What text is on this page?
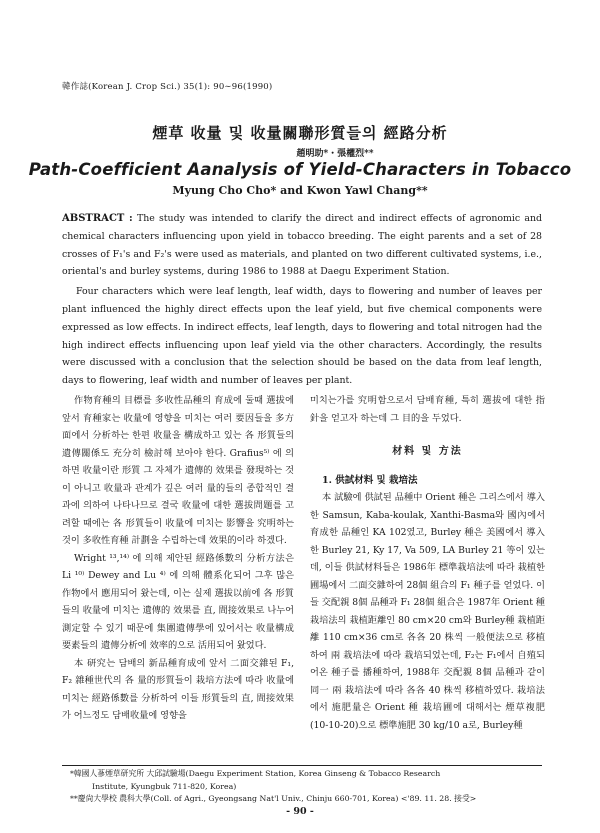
韓作誌(Korean J. Crop Sci.) 35(1): 90∼96(1990)
煙草 收量 및 收量關聯形質들의 經路分析
趙明助*・張權烈**
Path-Coefficient Aanalysis of Yield-Characters in Tobacco
Myung Cho Cho* and Kwon Yawl Chang**

ABSTRACT : The study was intended to clarify the direct and indirect effects of agronomic and chemical characters influencing upon yield in tobacco breeding. The eight parents and a set of 28 crosses of F₁'s and F₂'s were used as materials, and planted on two different cultivated systems, i.e., oriental's and burley systems, during 1986 to 1988 at Daegu Experiment Station.

Four characters which were leaf length, leaf width, days to flowering and number of leaves per plant influenced the highly direct effects upon the leaf yield, but five chemical components were expressed as low effects. In indirect effects, leaf length, days to flowering and total nitrogen had the high indirect effects influencing upon leaf yield via the other characters. Accordingly, the results were discussed with a conclusion that the selection should be based on the data from leaf length, days to flowering, leaf width and number of leaves per plant.

作物育種의 目標를 多收性品種의 育成에 둘때 選拔에 앞서 育種家는 收量에 영향을 미치는 여러 要因들을 多方面에서 分析하는 한편 收量을 構成하고 있는 各 形質들의 遺傳關係도 充分히 檢討해 보아야 한다. Grafius⁵⁾ 에 의하면 收量이란 形質 그 자체가 遺傳的 效果를 發現하는 것이 아니고 收量과 관계가 깊은 여러 量的들의 종합적인 결과에 의하여 나타나므로 결국 收量에 대한 選拔問題를 고려할 때에는 各 形質들이 收量에 미치는 影響을 究明하는 것이 多收性育種 計劃을 수립하는데 效果的이라 하겠다.

Wright ¹³,¹⁴⁾ 에 의해 제안된 經路係數의 分析方法은 Li ¹⁰⁾ Dewey and Lu ⁴⁾ 에 의해 體系化되어 그후 많은 作物에서 應用되어 왔는데, 이는 실제 選拔以前에 各 形質들의 收量에 미치는 遺傳的 效果를 直, 間接效果로 나누어 測定할 수 있기 때문에 集團遺傳學에 있어서는 收量構成要素들의 遺傳分析에 效率的으로 活用되어 왔었다.

本 研究는 담배의 新品種育成에 앞서 二面交雜된 F₁, F₂ 雜種世代의 各 量的形質들이 栽培方法에 따라 收量에 미치는 經路係數를 分析하여 이들 形質들의 直, 間接效果가 어느정도 담배收量에 영향을

미치는가를 究明함으로서 담배育種, 특히 選拔에 대한 指針을 얻고자 하는데 그 目的을 두었다.

材料 및 方法
1. 供試材料 및 栽培法

本 試驗에 供試된 品種中 Orient 種은 그리스에서 導入한 Samsun, Kaba-koulak, Xanthi-Basma와 國內에서 育成한 品種인 KA 102였고, Burley 種은 美國에서 導入한 Burley 21, Ky 17, Va 509, LA Burley 21 等이 있는데, 이들 供試材料들은 1986年 標準栽培法에 따라 栽植한 圃場에서 二面交雜하여 28個 組合의 F₁ 種子를 얻었다. 이들 交配親 8個 品種과 F₁ 28個 組合은 1987年 Orient 種 栽培法의 栽植距離인 80 cm×20 cm와 Burley種 栽植距離 110 cm×36 cm로 各各 20 株씩 一般便法으로 移植하여 兩 栽培法에 따라 栽培되었는데, F₂는 F₁에서 自殖되어온 種子를 播種하여, 1988年 交配親 8個 品種과 같이 同一 兩 栽培法에 따라 各各 40 株씩 移植하였다. 栽培法에서 施肥量은 Orient 種 栽培圃에 대해서는 煙草複肥(10-10-20)으로 標準施肥 30 kg/10 a로, Burley種

*韓國人蔘煙草研究所 大邱試驗場(Daegu Experiment Station, Korea Ginseng & Tobacco Research
Institute, Kyungbuk 711-820, Korea)
**慶尙大學校 農科大學(Coll. of Agri., Gyeongsang Nat'l Univ., Chinju 660-701, Korea) <'89. 11. 28. 接受>
- 90 -
